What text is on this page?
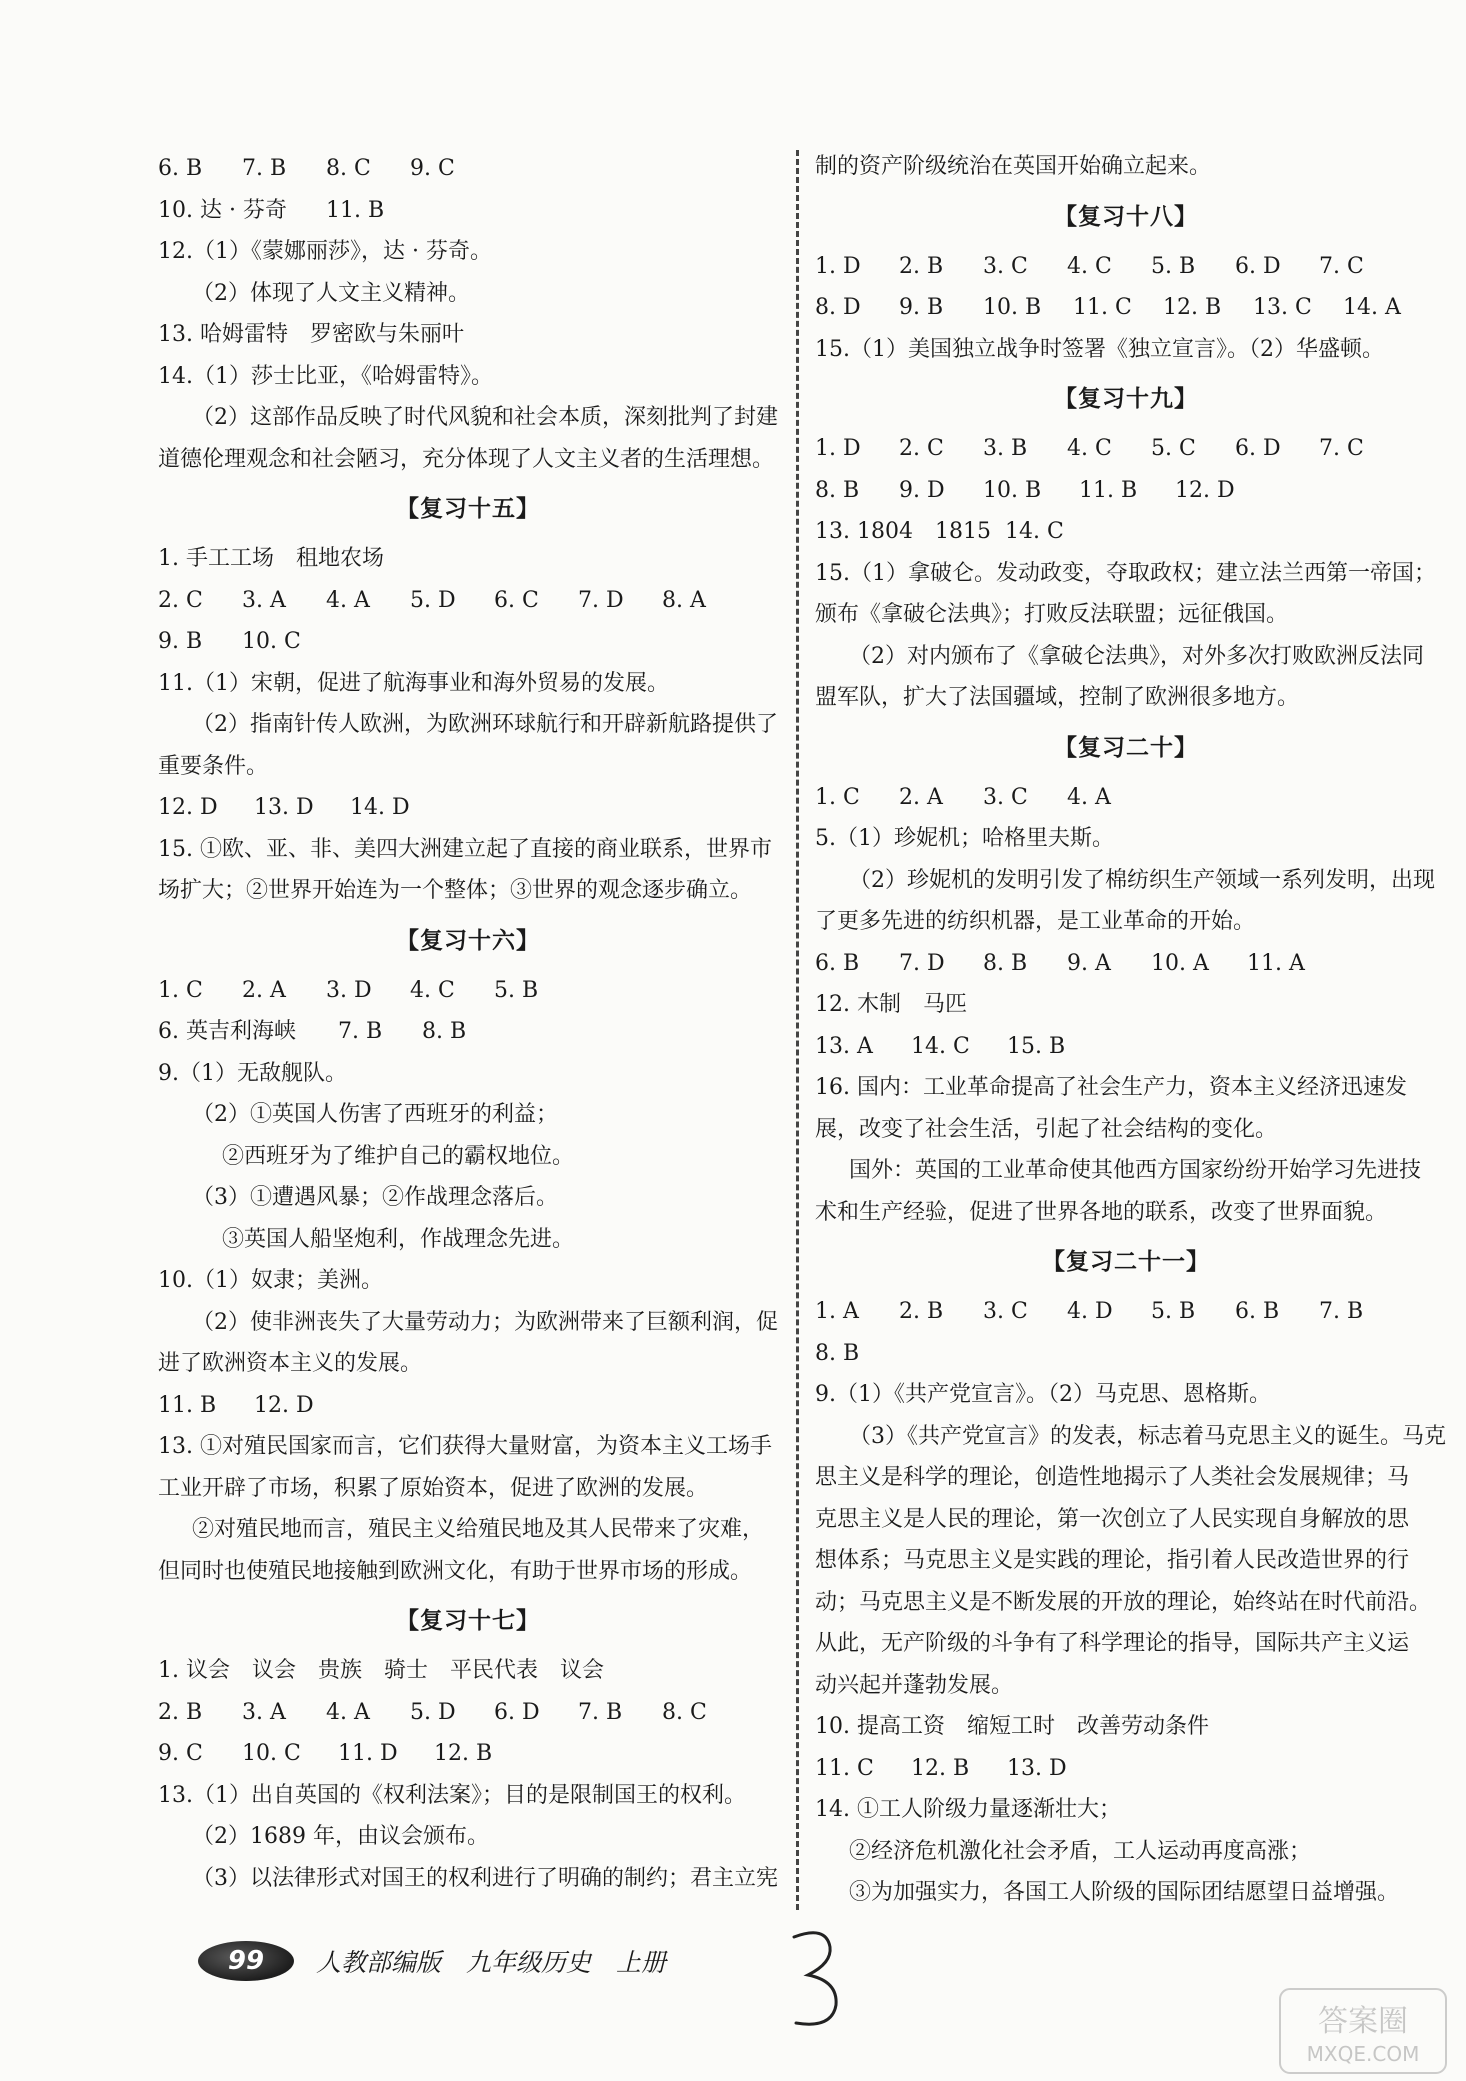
6. B	7. B	8. C	9. C
10. 达 · 芬奇	11. B
12.（1）《蒙娜丽莎》，达 · 芬奇。
（2）体现了人文主义精神。
13. 哈姆雷特　罗密欧与朱丽叶
14.（1）莎士比亚，《哈姆雷特》。
（2）这部作品反映了时代风貌和社会本质，深刻批判了封建
道德伦理观念和社会陋习，充分体现了人文主义者的生活理想。
【复习十五】
1. 手工工场　租地农场
2. C	3. A	4. A	5. D	6. C	7. D	8. A
9. B	10. C
11.（1）宋朝，促进了航海事业和海外贸易的发展。
（2）指南针传人欧洲，为欧洲环球航行和开辟新航路提供了
重要条件。
12. D	13. D	14. D
15. ①欧、亚、非、美四大洲建立起了直接的商业联系，世界市
场扩大；②世界开始连为一个整体；③世界的观念逐步确立。
【复习十六】
1. C	2. A	3. D	4. C	5. B
6. 英吉利海峡	7. B	8. B
9.（1）无敌舰队。
（2）①英国人伤害了西班牙的利益；
②西班牙为了维护自己的霸权地位。
（3）①遭遇风暴；②作战理念落后。
③英国人船坚炮利，作战理念先进。
10.（1）奴隶；美洲。
（2）使非洲丧失了大量劳动力；为欧洲带来了巨额利润，促
进了欧洲资本主义的发展。
11. B	12. D
13. ①对殖民国家而言，它们获得大量财富，为资本主义工场手
工业开辟了市场，积累了原始资本，促进了欧洲的发展。
②对殖民地而言，殖民主义给殖民地及其人民带来了灾难，
但同时也使殖民地接触到欧洲文化，有助于世界市场的形成。
【复习十七】
1. 议会　议会　贵族　骑士　平民代表　议会
2. B	3. A	4. A	5. D	6. D	7. B	8. C
9. C	10. C	11. D	12. B
13.（1）出自英国的《权利法案》；目的是限制国王的权利。
（2）1689 年，由议会颁布。
（3）以法律形式对国王的权利进行了明确的制约；君主立宪
制的资产阶级统治在英国开始确立起来。
【复习十八】
1. D	2. B	3. C	4. C	5. B	6. D	7. C
8. D	9. B	10. B	11. C	12. B	13. C	14. A
15.（1）美国独立战争时签署《独立宣言》。（2）华盛顿。
【复习十九】
1. D	2. C	3. B	4. C	5. C	6. D	7. C
8. B	9. D	10. B	11. B	12. D
13. 1804　1815 14. C
15.（1）拿破仑。发动政变，夺取政权；建立法兰西第一帝国；
颁布《拿破仑法典》；打败反法联盟；远征俄国。
（2）对内颁布了《拿破仑法典》，对外多次打败欧洲反法同
盟军队，扩大了法国疆域，控制了欧洲很多地方。
【复习二十】
1. C	2. A	3. C	4. A
5.（1）珍妮机；哈格里夫斯。
（2）珍妮机的发明引发了棉纺织生产领域一系列发明，出现
了更多先进的纺织机器，是工业革命的开始。
6. B	7. D	8. B	9. A	10. A	11. A
12. 木制　马匹
13. A	14. C	15. B
16. 国内：工业革命提高了社会生产力，资本主义经济迅速发
展，改变了社会生活，引起了社会结构的变化。
国外：英国的工业革命使其他西方国家纷纷开始学习先进技
术和生产经验，促进了世界各地的联系，改变了世界面貌。
【复习二十一】
1. A	2. B	3. C	4. D	5. B	6. B	7. B
8. B
9.（1）《共产党宣言》。（2）马克思、恩格斯。
（3）《共产党宣言》的发表，标志着马克思主义的诞生。马克
思主义是科学的理论，创造性地揭示了人类社会发展规律；马
克思主义是人民的理论，第一次创立了人民实现自身解放的思
想体系；马克思主义是实践的理论，指引着人民改造世界的行
动；马克思主义是不断发展的开放的理论，始终站在时代前沿。
从此，无产阶级的斗争有了科学理论的指导，国际共产主义运
动兴起并蓬勃发展。
10. 提高工资　缩短工时　改善劳动条件
11. C	12. B	13. D
14. ①工人阶级力量逐渐壮大；
②经济危机激化社会矛盾，工人运动再度高涨；
③为加强实力，各国工人阶级的国际团结愿望日益增强。
99	人教部编版　九年级历史　上册
答案圈
MXQE.COM
